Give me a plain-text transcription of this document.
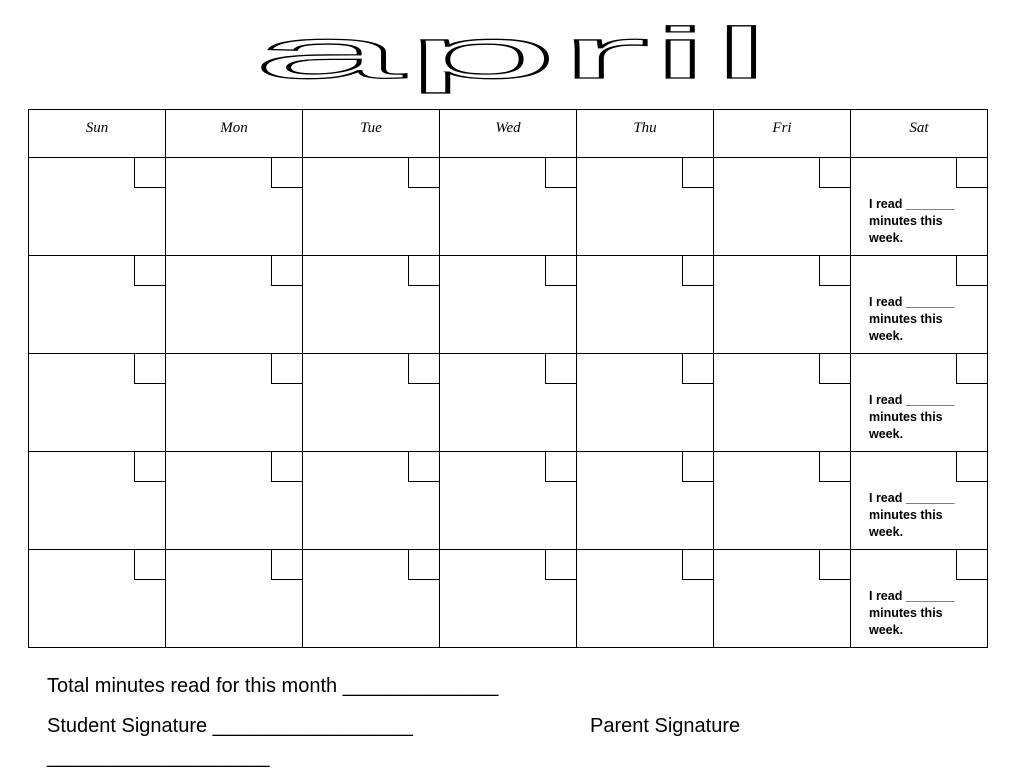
april
Sun	Mon	Tue	Wed	Thu	Fri	Sat

						I read _______
minutes this
week.

						I read _______
minutes this
week.

						I read _______
minutes this
week.

						I read _______
minutes this
week.

						I read _______
minutes this
week.
Total minutes read for this month ______________
Student Signature __________________	Parent Signature
____________________
